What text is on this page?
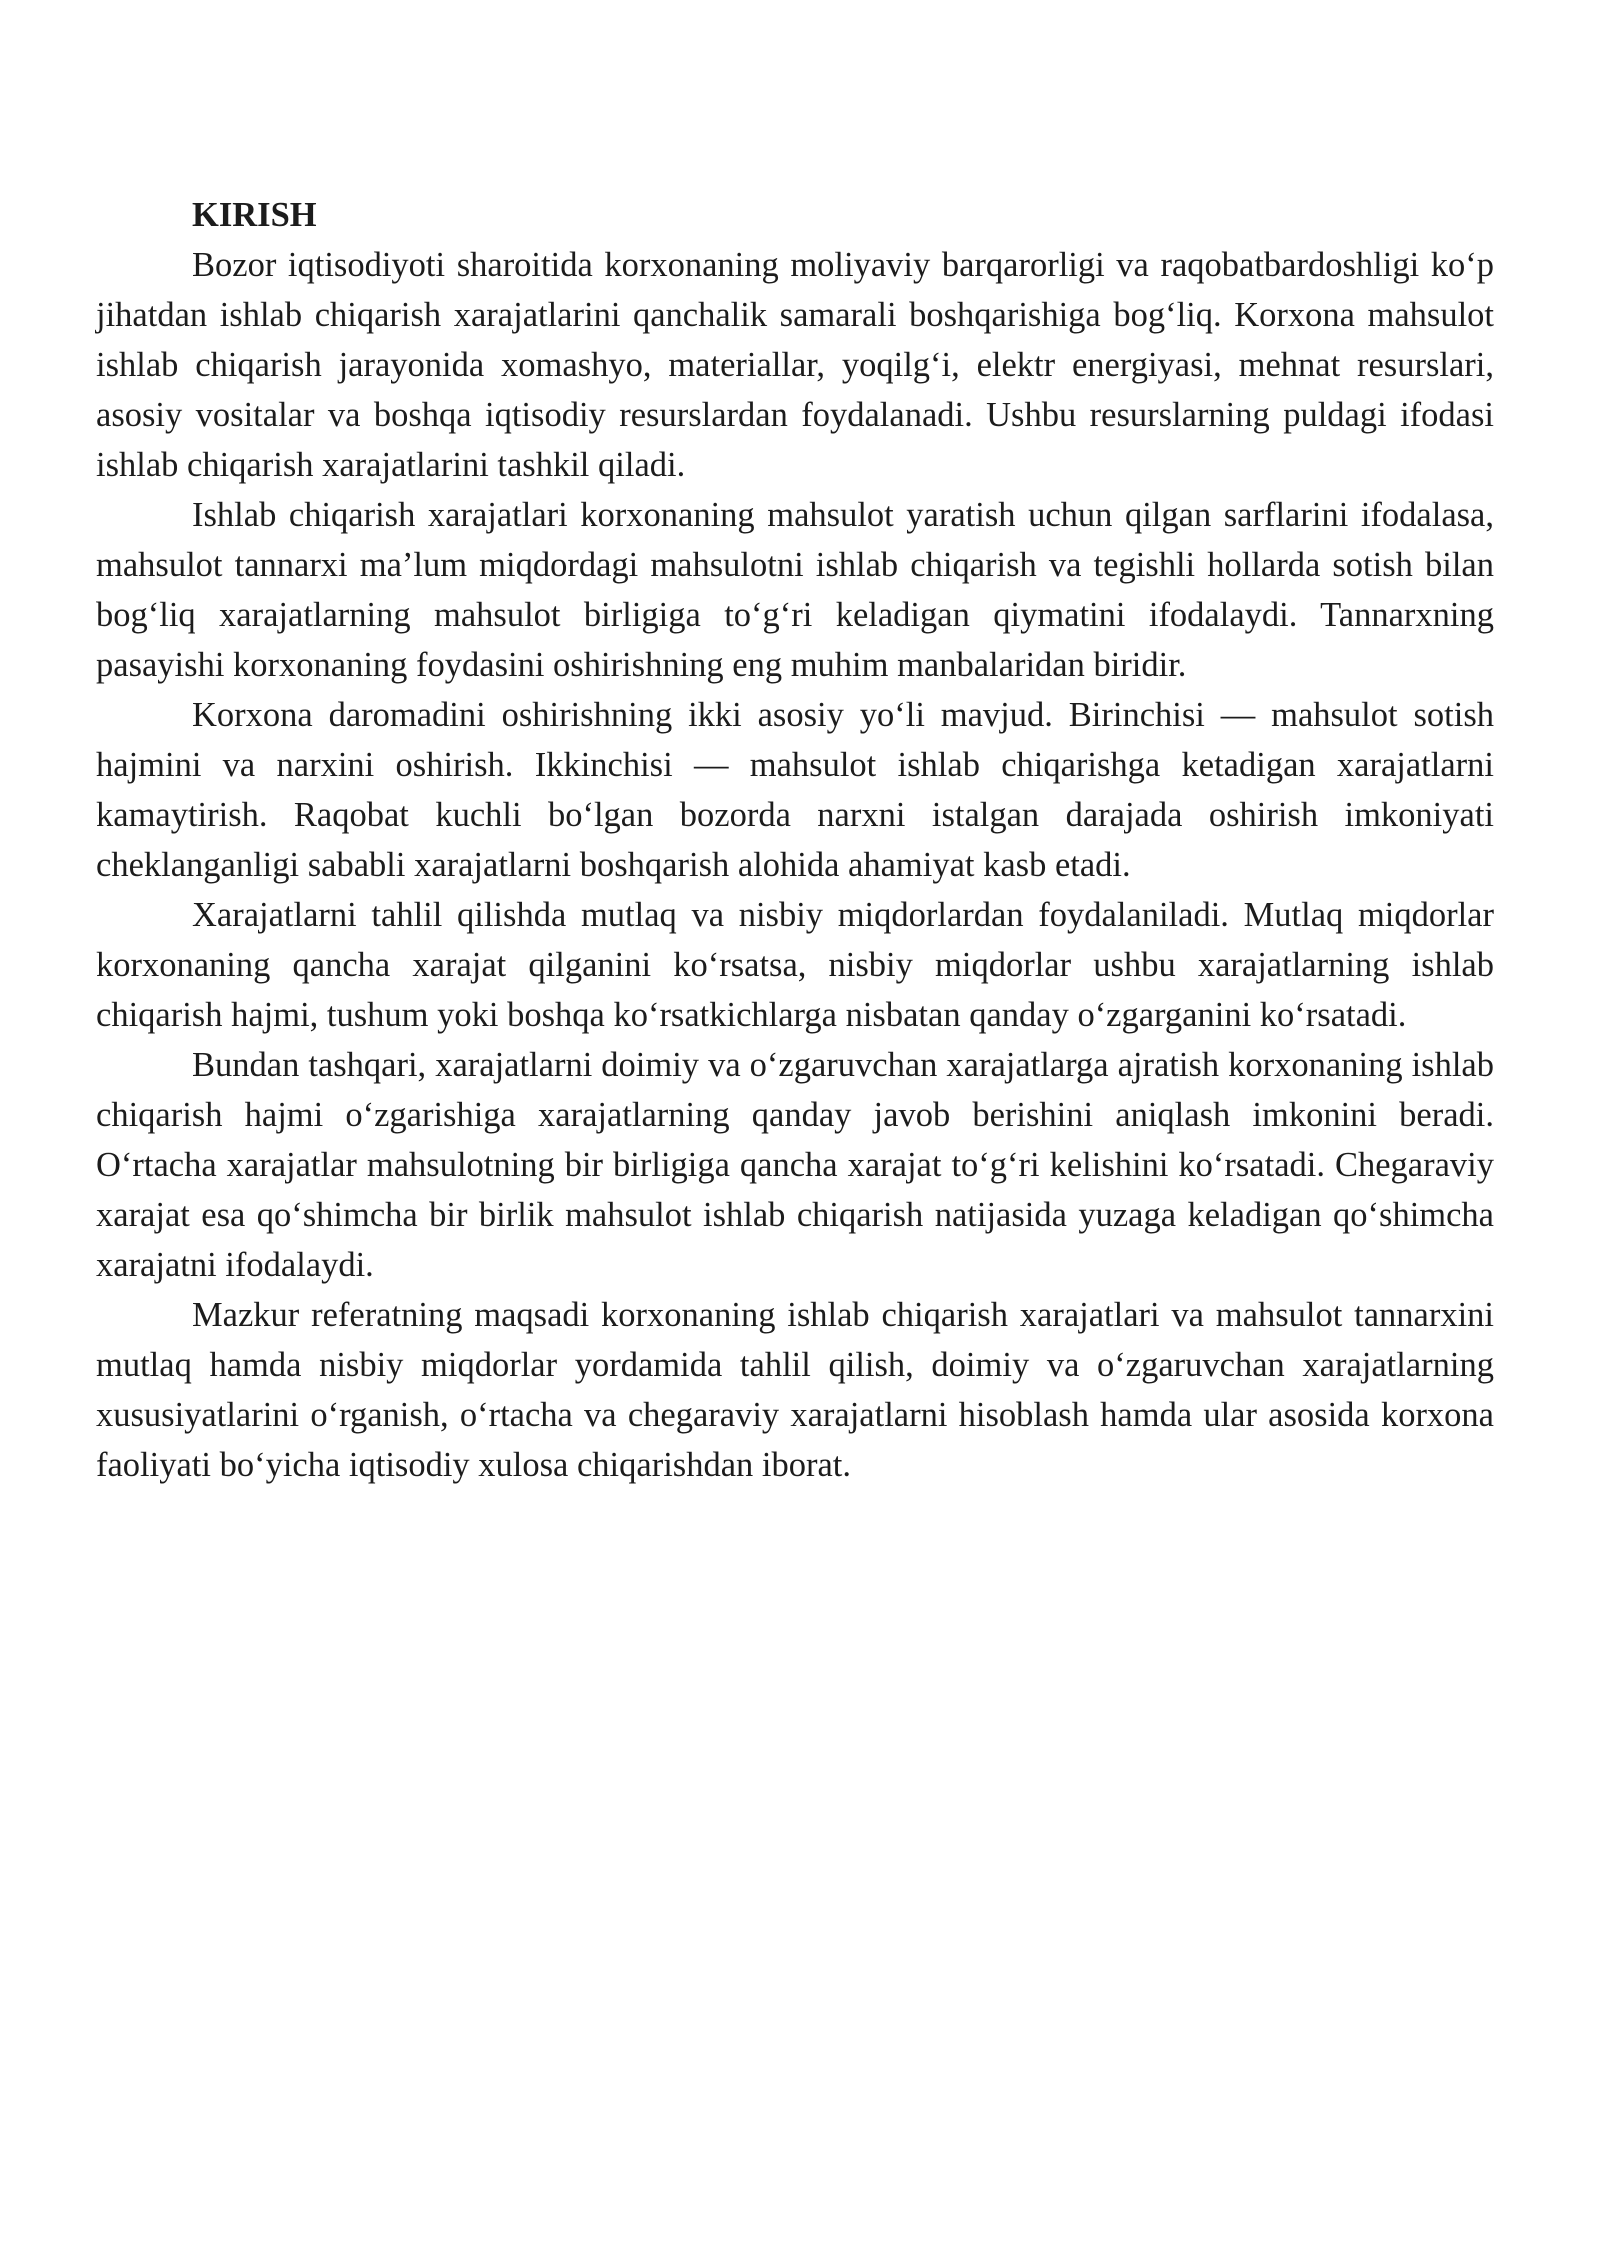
KIRISH

Bozor iqtisodiyoti sharoitida korxonaning moliyaviy barqarorligi va raqobatbardoshligi ko‘p jihatdan ishlab chiqarish xarajatlarini qanchalik samarali boshqarishiga bog‘liq. Korxona mahsulot ishlab chiqarish jarayonida xomashyo, materiallar, yoqilg‘i, elektr energiyasi, mehnat resurslari, asosiy vositalar va boshqa iqtisodiy resurslardan foydalanadi. Ushbu resurslarning puldagi ifodasi ishlab chiqarish xarajatlarini tashkil qiladi.

Ishlab chiqarish xarajatlari korxonaning mahsulot yaratish uchun qilgan sarflarini ifodalasa, mahsulot tannarxi ma’lum miqdordagi mahsulotni ishlab chiqarish va tegishli hollarda sotish bilan bog‘liq xarajatlarning mahsulot birligiga to‘g‘ri keladigan qiymatini ifodalaydi. Tannarxning pasayishi korxonaning foydasini oshirishning eng muhim manbalaridan biridir.

Korxona daromadini oshirishning ikki asosiy yo‘li mavjud. Birinchisi — mahsulot sotish hajmini va narxini oshirish. Ikkinchisi — mahsulot ishlab chiqarishga ketadigan xarajatlarni kamaytirish. Raqobat kuchli bo‘lgan bozorda narxni istalgan darajada oshirish imkoniyati cheklanganligi sababli xarajatlarni boshqarish alohida ahamiyat kasb etadi.

Xarajatlarni tahlil qilishda mutlaq va nisbiy miqdorlardan foydalaniladi. Mutlaq miqdorlar korxonaning qancha xarajat qilganini ko‘rsatsa, nisbiy miqdorlar ushbu xarajatlarning ishlab chiqarish hajmi, tushum yoki boshqa ko‘rsatkichlarga nisbatan qanday o‘zgarganini ko‘rsatadi.

Bundan tashqari, xarajatlarni doimiy va o‘zgaruvchan xarajatlarga ajratish korxonaning ishlab chiqarish hajmi o‘zgarishiga xarajatlarning qanday javob berishini aniqlash imkonini beradi. O‘rtacha xarajatlar mahsulotning bir birligiga qancha xarajat to‘g‘ri kelishini ko‘rsatadi. Chegaraviy xarajat esa qo‘shimcha bir birlik mahsulot ishlab chiqarish natijasida yuzaga keladigan qo‘shimcha xarajatni ifodalaydi.

Mazkur referatning maqsadi korxonaning ishlab chiqarish xarajatlari va mahsulot tannarxini mutlaq hamda nisbiy miqdorlar yordamida tahlil qilish, doimiy va o‘zgaruvchan xarajatlarning xususiyatlarini o‘rganish, o‘rtacha va chegaraviy xarajatlarni hisoblash hamda ular asosida korxona faoliyati bo‘yicha iqtisodiy xulosa chiqarishdan iborat.
